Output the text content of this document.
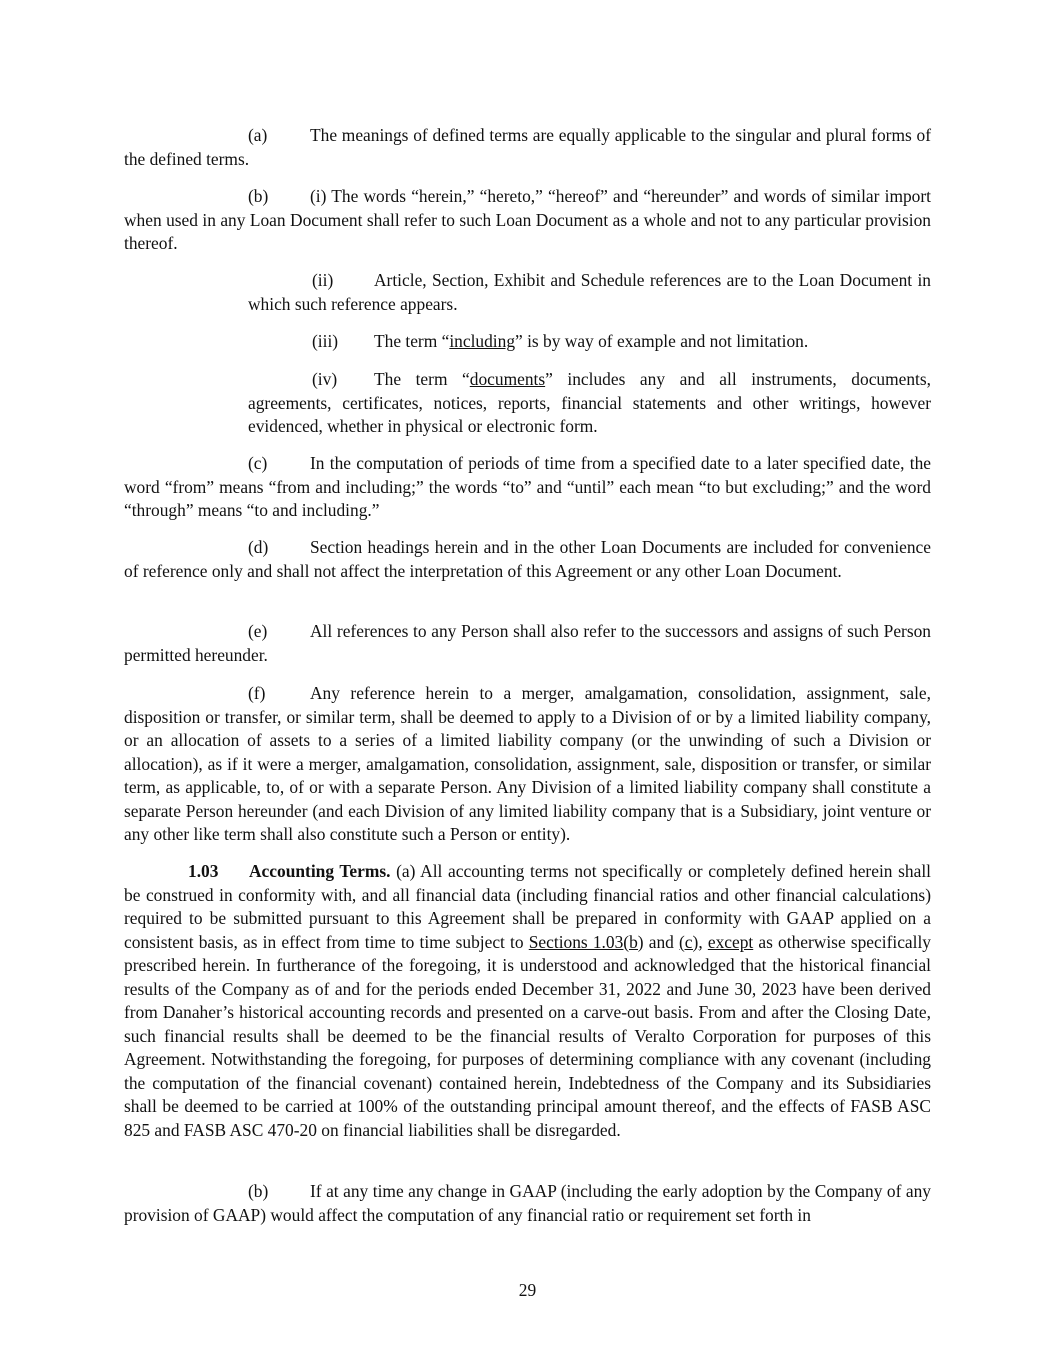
(a) The meanings of defined terms are equally applicable to the singular and plural forms of the defined terms.

(b) (i) The words “herein,” “hereto,” “hereof” and “hereunder” and words of similar import when used in any Loan Document shall refer to such Loan Document as a whole and not to any particular provision thereof.

(ii) Article, Section, Exhibit and Schedule references are to the Loan Document in which such reference appears.

(iii) The term “including” is by way of example and not limitation.

(iv) The term “documents” includes any and all instruments, documents, agreements, certificates, notices, reports, financial statements and other writings, however evidenced, whether in physical or electronic form.

(c) In the computation of periods of time from a specified date to a later specified date, the word “from” means “from and including;” the words “to” and “until” each mean “to but excluding;” and the word “through” means “to and including.”

(d) Section headings herein and in the other Loan Documents are included for convenience of reference only and shall not affect the interpretation of this Agreement or any other Loan Document.

(e) All references to any Person shall also refer to the successors and assigns of such Person permitted hereunder.

(f)	Any reference herein to a merger, amalgamation, consolidation, assignment, sale, disposition or transfer, or similar term, shall be deemed to apply to a Division of or by a limited liability company, or an allocation of assets to a series of a limited liability company (or the unwinding of such a Division or allocation), as if it were a merger, amalgamation, consolidation, assignment, sale, disposition or transfer, or similar term, as applicable, to, of or with a separate Person. Any Division of a limited liability company shall constitute a separate Person hereunder (and each Division of any limited liability company that is a Subsidiary, joint venture or any other like term shall also constitute such a Person or entity).

1.03 Accounting Terms. (a) All accounting terms not specifically or completely defined herein shall be construed in conformity with, and all financial data (including financial ratios and other financial calculations) required to be submitted pursuant to this Agreement shall be prepared in conformity with GAAP applied on a consistent basis, as in effect from time to time subject to Sections 1.03(b) and (c), except as otherwise specifically prescribed herein. In furtherance of the foregoing, it is understood and acknowledged that the historical financial results of the Company as of and for the periods ended December 31, 2022 and June 30, 2023 have been derived from Danaher’s historical accounting records and presented on a carve-out basis. From and after the Closing Date, such financial results shall be deemed to be the financial results of Veralto Corporation for purposes of this Agreement. Notwithstanding the foregoing, for purposes of determining compliance with any covenant (including the computation of the financial covenant) contained herein, Indebtedness of the Company and its Subsidiaries shall be deemed to be carried at 100% of the outstanding principal amount thereof, and the effects of FASB ASC 825 and FASB ASC 470-20 on financial liabilities shall be disregarded.

(b) If at any time any change in GAAP (including the early adoption by the Company of any provision of GAAP) would affect the computation of any financial ratio or requirement set forth in

29
